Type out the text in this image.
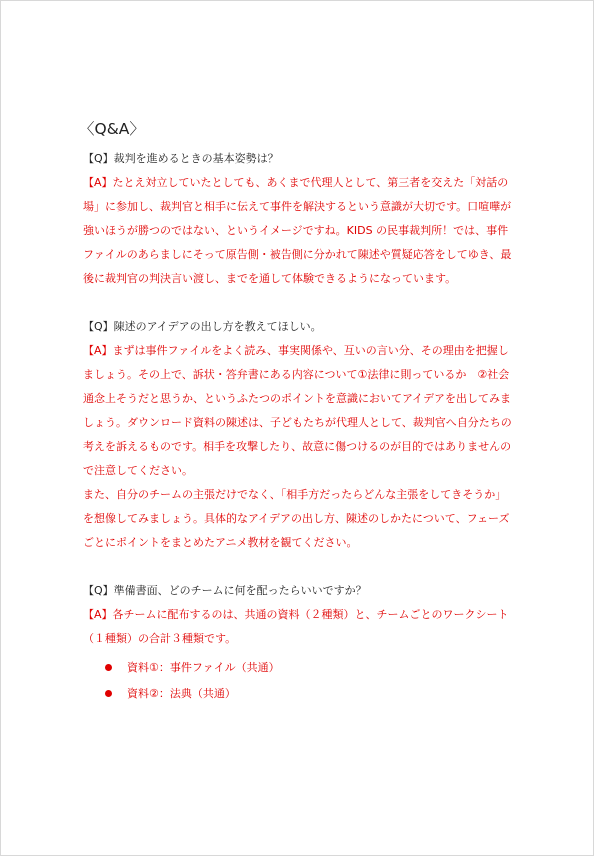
〈Q&A〉
【Q】裁判を進めるときの基本姿勢は？

【A】たとえ対立していたとしても、あくまで代理人として、第三者を交えた「対話の場」に参加し、裁判官と相手に伝えて事件を解決するという意識が大切です。口喧嘩が強いほうが勝つのではない、というイメージですね。KIDS の民事裁判所！では、事件ファイルのあらましにそって原告側・被告側に分かれて陳述や質疑応答をしてゆき、最後に裁判官の判決言い渡し、までを通して体験できるようになっています。

【Q】陳述のアイデアの出し方を教えてほしい。

【A】まずは事件ファイルをよく読み、事実関係や、互いの言い分、その理由を把握しましょう。その上で、訴状・答弁書にある内容について①法律に則っているか　②社会通念上そうだと思うか、というふたつのポイントを意識においてアイデアを出してみましょう。ダウンロード資料の陳述は、子どもたちが代理人として、裁判官へ自分たちの考えを訴えるものです。相手を攻撃したり、故意に傷つけるのが目的ではありませんので注意してください。

また、自分のチームの主張だけでなく、「相手方だったらどんな主張をしてきそうか」を想像してみましょう。具体的なアイデアの出し方、陳述のしかたについて、フェーズごとにポイントをまとめたアニメ教材を観てください。

【Q】準備書面、どのチームに何を配ったらいいですか？

【A】各チームに配布するのは、共通の資料（２種類）と、チームごとのワークシート（１種類）の合計３種類です。

資料①：事件ファイル（共通）
資料②：法典（共通）
